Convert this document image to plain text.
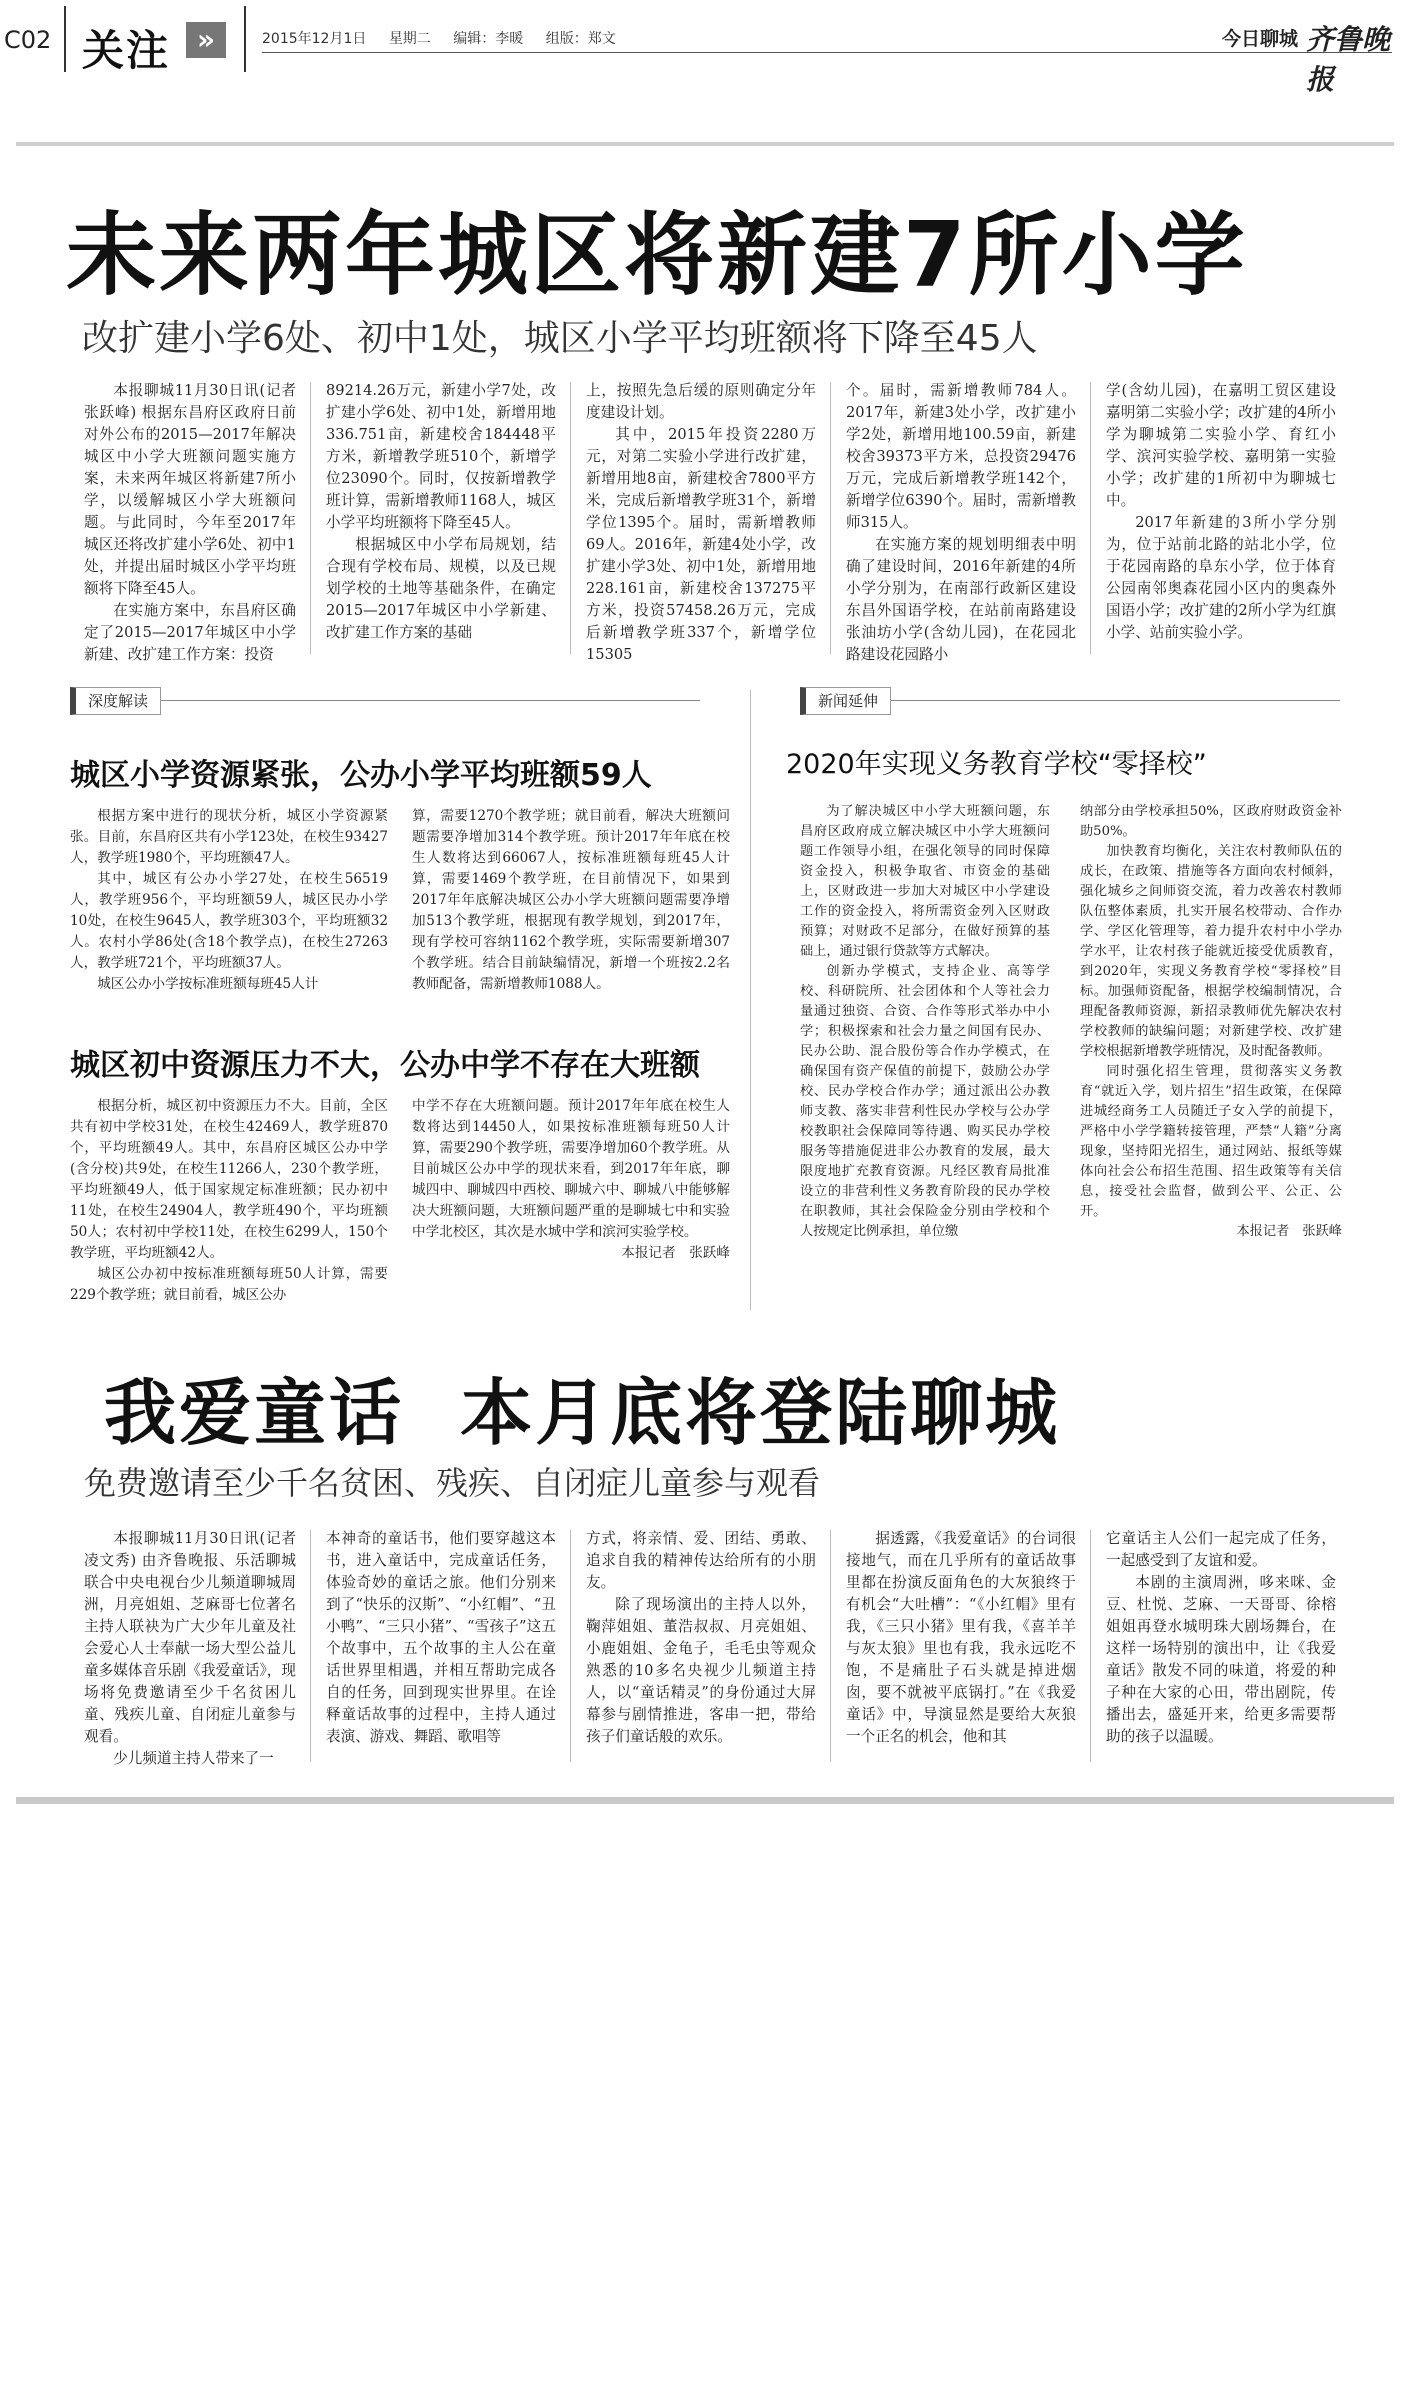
C02 关注 »	2015年12月1日 星期二 编辑：李暖 组版：郑文	今日聊城 齐鲁晚报
未来两年城区将新建7所小学
改扩建小学6处、初中1处，城区小学平均班额将下降至45人

本报聊城11月30日讯(记者 张跃峰) 根据东昌府区政府日前对外公布的2015—2017年解决城区中小学大班额问题实施方案，未来两年城区将新建7所小学，以缓解城区小学大班额问题。与此同时，今年至2017年城区还将改扩建小学6处、初中1处，并提出届时城区小学平均班额将下降至45人。

在实施方案中，东昌府区确定了2015—2017年城区中小学新建、改扩建工作方案：投资

89214.26万元，新建小学7处，改扩建小学6处、初中1处，新增用地336.751亩，新建校舍184448平方米，新增教学班510个，新增学位23090个。同时，仅按新增教学班计算，需新增教师1168人，城区小学平均班额将下降至45人。

根据城区中小学布局规划，结合现有学校布局、规模，以及已规划学校的土地等基础条件，在确定2015—2017年城区中小学新建、改扩建工作方案的基础

上，按照先急后缓的原则确定分年度建设计划。

其中，2015年投资2280万元，对第二实验小学进行改扩建，新增用地8亩，新建校舍7800平方米，完成后新增教学班31个，新增学位1395个。届时，需新增教师69人。2016年，新建4处小学，改扩建小学3处、初中1处，新增用地228.161亩，新建校舍137275平方米，投资57458.26万元，完成后新增教学班337个，新增学位15305

个。届时，需新增教师784人。2017年，新建3处小学，改扩建小学2处，新增用地100.59亩，新建校舍39373平方米，总投资29476万元，完成后新增教学班142个，新增学位6390个。届时，需新增教师315人。

在实施方案的规划明细表中明确了建设时间，2016年新建的4所小学分别为，在南部行政新区建设东昌外国语学校，在站前南路建设张油坊小学(含幼儿园)，在花园北路建设花园路小

学(含幼儿园)，在嘉明工贸区建设嘉明第二实验小学；改扩建的4所小学为聊城第二实验小学、育红小学、滨河实验学校、嘉明第一实验小学；改扩建的1所初中为聊城七中。

2017年新建的3所小学分别为，位于站前北路的站北小学，位于花园南路的阜东小学，位于体育公园南邻奥森花园小区内的奥森外国语小学；改扩建的2所小学为红旗小学、站前实验小学。

深度解读
城区小学资源紧张，公办小学平均班额59人

根据方案中进行的现状分析，城区小学资源紧张。目前，东昌府区共有小学123处，在校生93427人，教学班1980个，平均班额47人。

其中，城区有公办小学27处，在校生56519人，教学班956个，平均班额59人，城区民办小学10处，在校生9645人，教学班303个，平均班额32人。农村小学86处(含18个教学点)，在校生27263人，教学班721个，平均班额37人。

城区公办小学按标准班额每班45人计

算，需要1270个教学班；就目前看，解决大班额问题需要净增加314个教学班。预计2017年年底在校生人数将达到66067人，按标准班额每班45人计算，需要1469个教学班，在目前情况下，如果到2017年年底解决城区公办小学大班额问题需要净增加513个教学班，根据现有教学规划，到2017年，现有学校可容纳1162个教学班，实际需要新增307个教学班。结合目前缺编情况，新增一个班按2.2名教师配备，需新增教师1088人。

城区初中资源压力不大，公办中学不存在大班额

根据分析，城区初中资源压力不大。目前，全区共有初中学校31处，在校生42469人，教学班870个，平均班额49人。其中，东昌府区城区公办中学(含分校)共9处，在校生11266人，230个教学班，平均班额49人，低于国家规定标准班额；民办初中11处，在校生24904人，教学班490个，平均班额50人；农村初中学校11处，在校生6299人，150个教学班，平均班额42人。

城区公办初中按标准班额每班50人计算，需要229个教学班；就目前看，城区公办

中学不存在大班额问题。预计2017年年底在校生人数将达到14450人，如果按标准班额每班50人计算，需要290个教学班，需要净增加60个教学班。从目前城区公办中学的现状来看，到2017年年底，聊城四中、聊城四中西校、聊城六中、聊城八中能够解决大班额问题，大班额问题严重的是聊城七中和实验中学北校区，其次是水城中学和滨河实验学校。

本报记者　张跃峰

新闻延伸
2020年实现义务教育学校“零择校”

为了解决城区中小学大班额问题，东昌府区政府成立解决城区中小学大班额问题工作领导小组，在强化领导的同时保障资金投入，积极争取省、市资金的基础上，区财政进一步加大对城区中小学建设工作的资金投入，将所需资金列入区财政预算；对财政不足部分，在做好预算的基础上，通过银行贷款等方式解决。

创新办学模式，支持企业、高等学校、科研院所、社会团体和个人等社会力量通过独资、合资、合作等形式举办中小学；积极探索和社会力量之间国有民办、民办公助、混合股份等合作办学模式，在确保国有资产保值的前提下，鼓励公办学校、民办学校合作办学；通过派出公办教师支教、落实非营利性民办学校与公办学校教职社会保障同等待遇、购买民办学校服务等措施促进非公办教育的发展，最大限度地扩充教育资源。凡经区教育局批准设立的非营利性义务教育阶段的民办学校在职教师，其社会保险金分别由学校和个人按规定比例承担，单位缴

纳部分由学校承担50%，区政府财政资金补助50%。

加快教育均衡化，关注农村教师队伍的成长，在政策、措施等各方面向农村倾斜，强化城乡之间师资交流，着力改善农村教师队伍整体素质，扎实开展名校带动、合作办学、学区化管理等，着力提升农村中小学办学水平，让农村孩子能就近接受优质教育，到2020年，实现义务教育学校“零择校”目标。加强师资配备，根据学校编制情况，合理配备教师资源，新招录教师优先解决农村学校教师的缺编问题；对新建学校、改扩建学校根据新增教学班情况，及时配备教师。

同时强化招生管理，贯彻落实义务教育“就近入学，划片招生”招生政策，在保障进城经商务工人员随迁子女入学的前提下，严格中小学学籍转接管理，严禁“人籍”分离现象，坚持阳光招生，通过网站、报纸等媒体向社会公布招生范围、招生政策等有关信息，接受社会监督，做到公平、公正、公开。

本报记者　张跃峰

我爱童话  本月底将登陆聊城
免费邀请至少千名贫困、残疾、自闭症儿童参与观看

本报聊城11月30日讯(记者 凌文秀) 由齐鲁晚报、乐活聊城联合中央电视台少儿频道聊城周洲，月亮姐姐、芝麻哥七位著名主持人联袂为广大少年儿童及社会爱心人士奉献一场大型公益儿童多媒体音乐剧《我爱童话》，现场将免费邀请至少千名贫困儿童、残疾儿童、自闭症儿童参与观看。

少儿频道主持人带来了一

本神奇的童话书，他们要穿越这本书，进入童话中，完成童话任务，体验奇妙的童话之旅。他们分别来到了“快乐的汉斯”、“小红帽”、“丑小鸭”、“三只小猪”、“雪孩子”这五个故事中，五个故事的主人公在童话世界里相遇，并相互帮助完成各自的任务，回到现实世界里。在诠释童话故事的过程中，主持人通过表演、游戏、舞蹈、歌唱等

方式，将亲情、爱、团结、勇敢、追求自我的精神传达给所有的小朋友。

除了现场演出的主持人以外，鞠萍姐姐、董浩叔叔、月亮姐姐、小鹿姐姐、金龟子，毛毛虫等观众熟悉的10多名央视少儿频道主持人，以“童话精灵”的身份通过大屏幕参与剧情推进，客串一把，带给孩子们童话般的欢乐。

据透露，《我爱童话》的台词很接地气，而在几乎所有的童话故事里都在扮演反面角色的大灰狼终于有机会“大吐槽”：“《小红帽》里有我，《三只小猪》里有我，《喜羊羊与灰太狼》里也有我，我永远吃不饱，不是痛肚子石头就是掉进烟囱，要不就被平底锅打。”在《我爱童话》中，导演显然是要给大灰狼一个正名的机会，他和其

它童话主人公们一起完成了任务，一起感受到了友谊和爱。

本剧的主演周洲，哆来咪、金豆、杜悦、芝麻、一天哥哥、徐榕姐姐再登水城明珠大剧场舞台，在这样一场特别的演出中，让《我爱童话》散发不同的味道，将爱的种子种在大家的心田，带出剧院，传播出去，盛延开来，给更多需要帮助的孩子以温暖。
